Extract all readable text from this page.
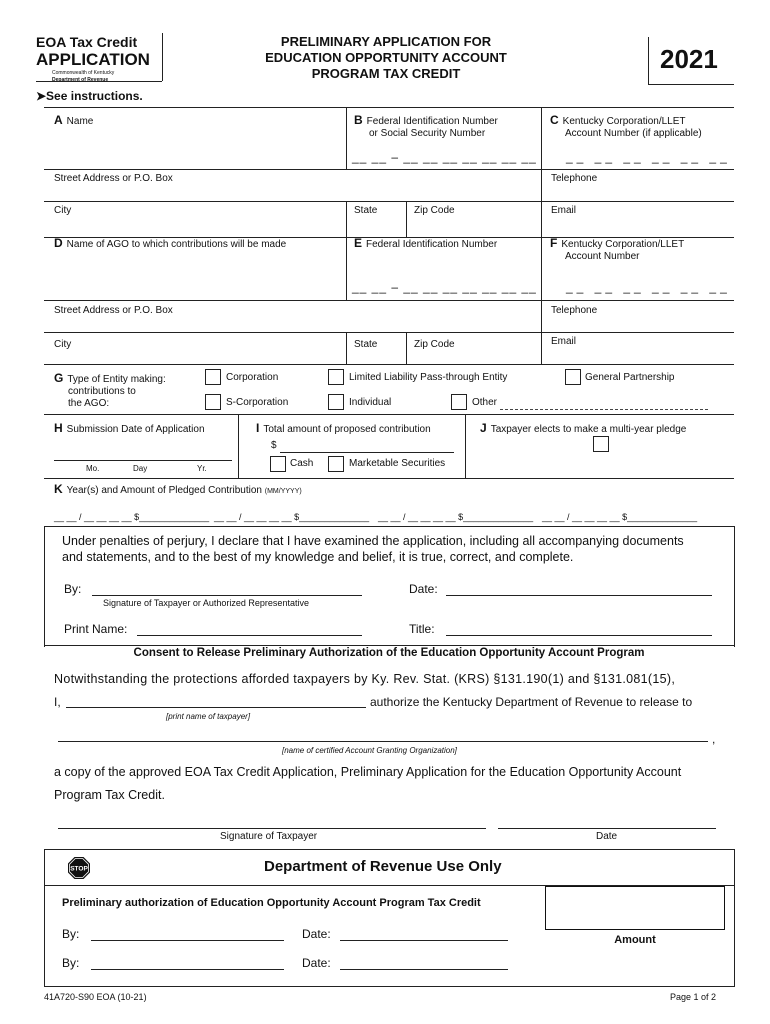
EOA Tax Credit
APPLICATION
Commonwealth of Kentucky
Department of Revenue
PRELIMINARY APPLICATION FOR
EDUCATION OPPORTUNITY ACCOUNT
PROGRAM TAX CREDIT	2021
➤See instructions.
A Name	B Federal Identification Number
or Social Security Number
__ __ – __ __ __ __ __ __ __
C Kentucky Corporation/LLET
Account Number (if applicable)
__ __ __ __ __ __
Street Address or P.O. Box	Telephone
City	State	Zip Code	Email
D Name of AGO to which contributions will be made	E Federal Identification Number
__ __ – __ __ __ __ __ __ __
F Kentucky Corporation/LLET
Account Number
__ __ __ __ __ __
Street Address or P.O. Box	Telephone
City	State	Zip Code	Email
G Type of Entity making:
contributions to
the AGO:
Corporation	Limited Liability Pass-through Entity	General Partnership
S-Corporation	Individual	Other
H Submission Date of Application
Mo.	Day	Yr.
I Total amount of proposed contribution
$
Cash	Marketable Securities
J Taxpayer elects to make a multi-year pledge
K Year(s) and Amount of Pledged Contribution (MM/YYYY)
__ __ / __ __ __ __ $______________ __ __ / __ __ __ __ $______________ __ __ / __ __ __ __ $______________ __ __ / __ __ __ __ $______________
Under penalties of perjury, I declare that I have examined the application, including all accompanying documents
and statements, and to the best of my knowledge and belief, it is true, correct, and complete.
By:	Date:
Signature of Taxpayer or Authorized Representative
Print Name:	Title:
Consent to Release Preliminary Authorization of the Education Opportunity Account Program
Notwithstanding the protections afforded taxpayers by Ky. Rev. Stat. (KRS) §131.190(1) and §131.081(15),
I,	authorize the Kentucky Department of Revenue to release to
[print name of taxpayer]
,
[name of certified Account Granting Organization]
a copy of the approved EOA Tax Credit Application, Preliminary Application for the Education Opportunity Account
Program Tax Credit.
Signature of Taxpayer	Date
STOP	Department of Revenue Use Only
Preliminary authorization of Education Opportunity Account Program Tax Credit
By:	Date:
By:	Date:
Amount
41A720-S90 EOA (10-21)	Page 1 of 2
